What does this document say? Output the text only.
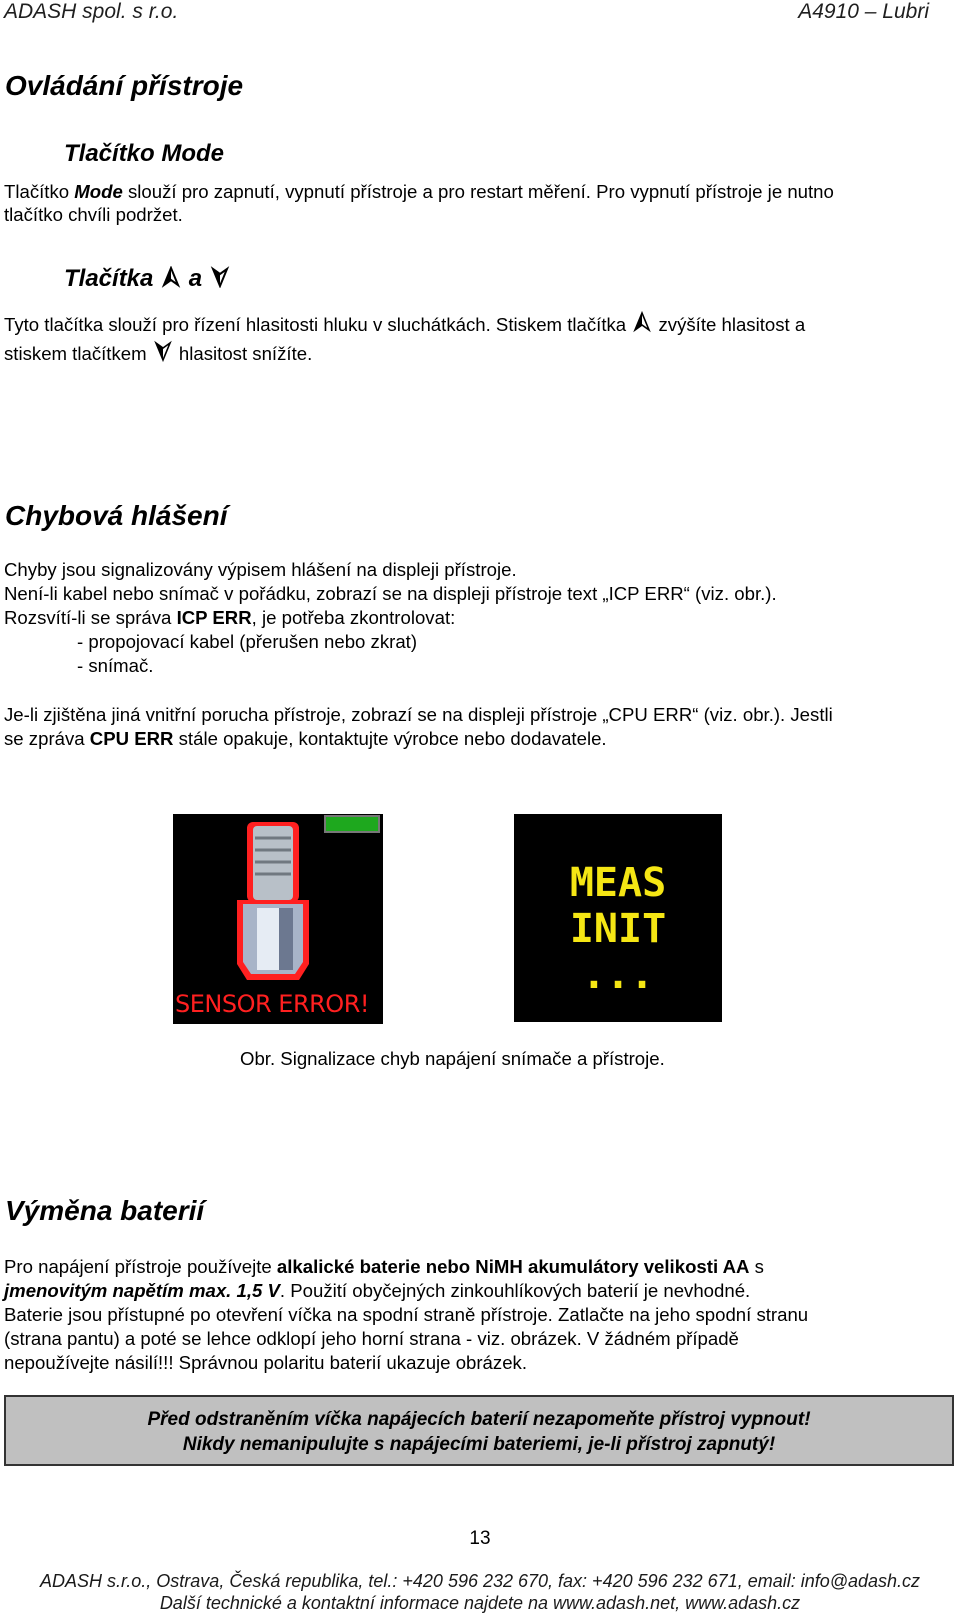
ADASH spol. s r.o.	A4910 – Lubri
Ovládání přístroje
Tlačítko Mode
Tlačítko Mode slouží pro zapnutí, vypnutí přístroje a pro restart měření. Pro vypnutí přístroje je nutno
tlačítko chvíli podržet.
Tlačítka a
Tyto tlačítka slouží pro řízení hlasitosti hluku v sluchátkách. Stiskem tlačítka zvýšíte hlasitost a
stiskem tlačítkem hlasitost snížíte.
Chybová hlášení
Chyby jsou signalizovány výpisem hlášení na displeji přístroje.
Není-li kabel nebo snímač v pořádku, zobrazí se na displeji přístroje text „ICP ERR“ (viz. obr.).
Rozsvítí-li se správa ICP ERR, je potřeba zkontrolovat:
- propojovací kabel (přerušen nebo zkrat)
- snímač.
Je-li zjištěna jiná vnitřní porucha přístroje, zobrazí se na displeji přístroje „CPU ERR“ (viz. obr.). Jestli
se zpráva CPU ERR stále opakuje, kontaktujte výrobce nebo dodavatele.
SENSOR ERROR!
MEAS
INIT
...
Obr. Signalizace chyb napájení snímače a přístroje.
Výměna baterií
Pro napájení přístroje používejte alkalické baterie nebo NiMH akumulátory velikosti AA s
jmenovitým napětím max. 1,5 V. Použití obyčejných zinkouhlíkových baterií je nevhodné.
Baterie jsou přístupné po otevření víčka na spodní straně přístroje. Zatlačte na jeho spodní stranu
(strana pantu) a poté se lehce odklopí jeho horní strana - viz. obrázek. V žádném případě
nepoužívejte násilí!!! Správnou polaritu baterií ukazuje obrázek.
Před odstraněním víčka napájecích baterií nezapomeňte přístroj vypnout!
Nikdy nemanipulujte s napájecími bateriemi, je-li přístroj zapnutý!
13
ADASH s.r.o., Ostrava, Česká republika, tel.: +420 596 232 670, fax: +420 596 232 671, email: info@adash.cz
Další technické a kontaktní informace najdete na www.adash.net, www.adash.cz
